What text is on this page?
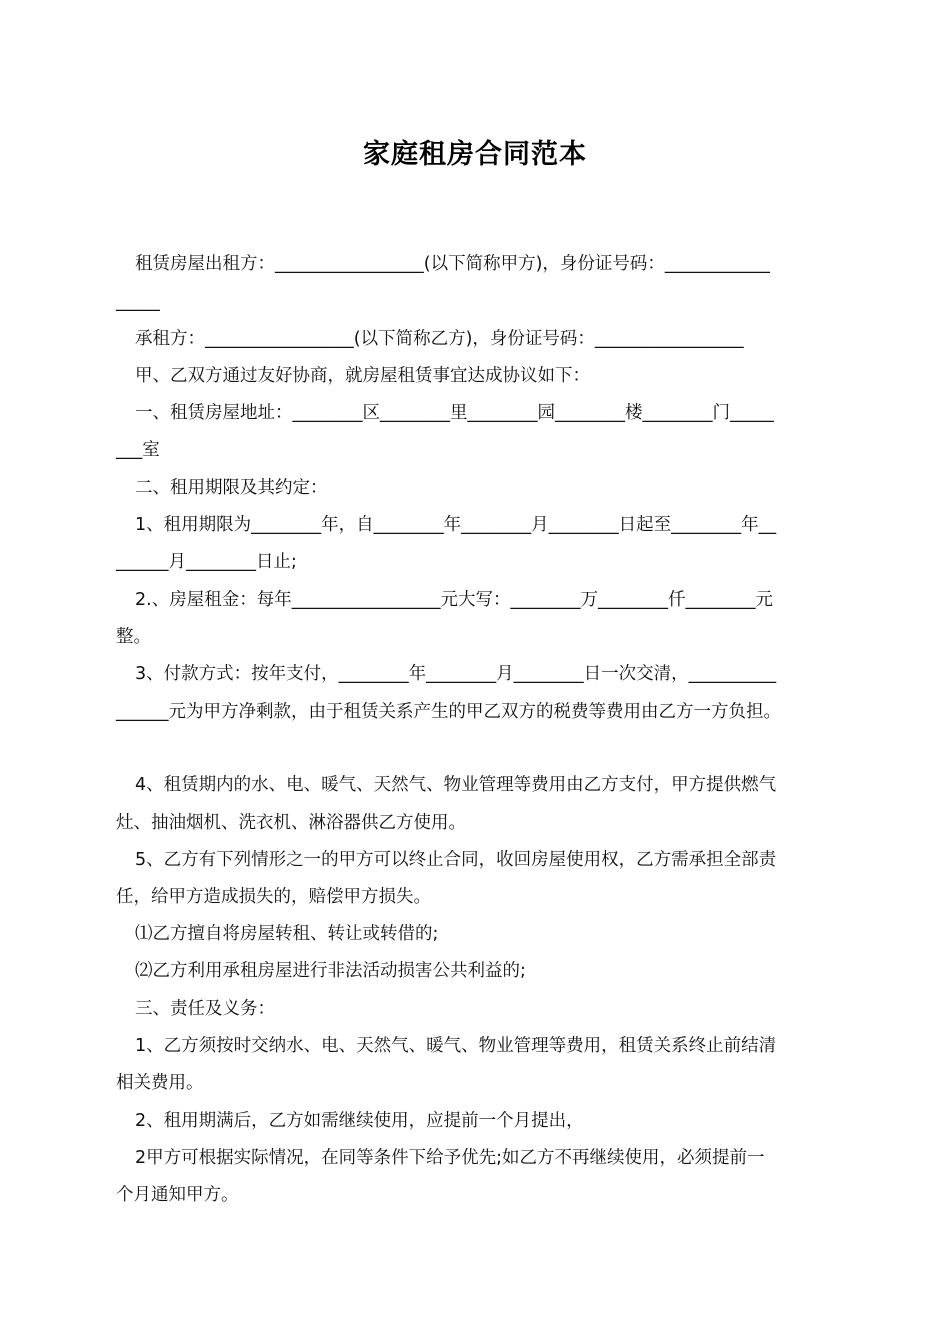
家庭租房合同范本
租赁房屋出租方：_________________(以下简称甲方)，身份证号码：____________
_____
承租方：_________________(以下简称乙方)，身份证号码：_________________
甲、乙双方通过友好协商，就房屋租赁事宜达成协议如下：
一、租赁房屋地址：________区________里________园________楼________门_____
___室
二、租用期限及其约定：
1、租用期限为________年，自________年________月________日起至________年__
______月________日止;
2.、房屋租金：每年_________________元大写：________万________仟________元
整。
3、付款方式：按年支付，________年________月________日一次交清，__________
______元为甲方净剩款，由于租赁关系产生的甲乙双方的税费等费用由乙方一方负担。
4、租赁期内的水、电、暖气、天然气、物业管理等费用由乙方支付，甲方提供燃气
灶、抽油烟机、洗衣机、淋浴器供乙方使用。
5、乙方有下列情形之一的甲方可以终止合同，收回房屋使用权，乙方需承担全部责
任，给甲方造成损失的，赔偿甲方损失。
⑴乙方擅自将房屋转租、转让或转借的;
⑵乙方利用承租房屋进行非法活动损害公共利益的;
三、责任及义务：
1、乙方须按时交纳水、电、天然气、暖气、物业管理等费用，租赁关系终止前结清
相关费用。
2、租用期满后，乙方如需继续使用，应提前一个月提出，
2甲方可根据实际情况，在同等条件下给予优先;如乙方不再继续使用，必须提前一
个月通知甲方。
